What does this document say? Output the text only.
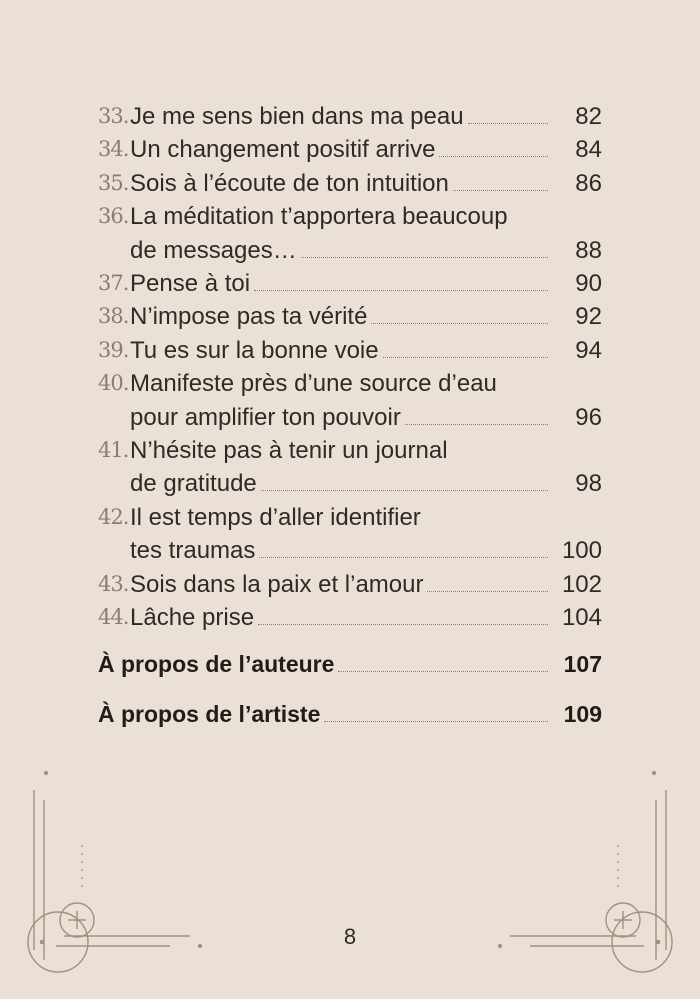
33. Je me sens bien dans ma peau	82
34. Un changement positif arrive	84
35. Sois à l’écoute de ton intuition	86
36. La méditation t’apportera beaucoup
de messages…	88
37. Pense à toi	90
38. N’impose pas ta vérité	92
39. Tu es sur la bonne voie	94
40. Manifeste près d’une source d’eau
pour amplifier ton pouvoir	96
41. N’hésite pas à tenir un journal
de gratitude	98
42. Il est temps d’aller identifier
tes traumas	100
43. Sois dans la paix et l’amour	102
44. Lâche prise	104
À propos de l’auteure	107
À propos de l’artiste	109
8
